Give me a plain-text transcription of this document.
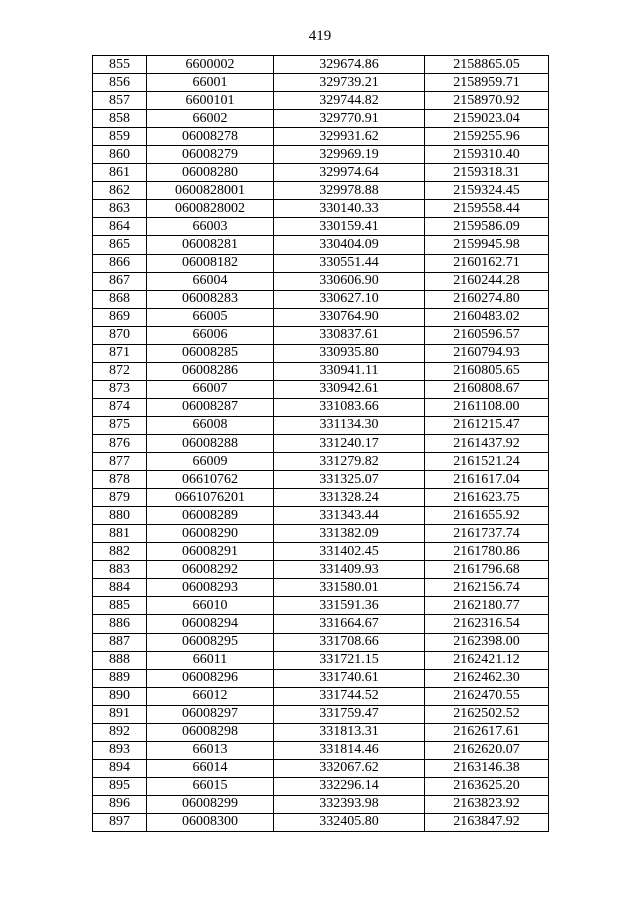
419
855	6600002	329674.86	2158865.05
856	66001	329739.21	2158959.71
857	6600101	329744.82	2158970.92
858	66002	329770.91	2159023.04
859	06008278	329931.62	2159255.96
860	06008279	329969.19	2159310.40
861	06008280	329974.64	2159318.31
862	0600828001	329978.88	2159324.45
863	0600828002	330140.33	2159558.44
864	66003	330159.41	2159586.09
865	06008281	330404.09	2159945.98
866	06008182	330551.44	2160162.71
867	66004	330606.90	2160244.28
868	06008283	330627.10	2160274.80
869	66005	330764.90	2160483.02
870	66006	330837.61	2160596.57
871	06008285	330935.80	2160794.93
872	06008286	330941.11	2160805.65
873	66007	330942.61	2160808.67
874	06008287	331083.66	2161108.00
875	66008	331134.30	2161215.47
876	06008288	331240.17	2161437.92
877	66009	331279.82	2161521.24
878	06610762	331325.07	2161617.04
879	0661076201	331328.24	2161623.75
880	06008289	331343.44	2161655.92
881	06008290	331382.09	2161737.74
882	06008291	331402.45	2161780.86
883	06008292	331409.93	2161796.68
884	06008293	331580.01	2162156.74
885	66010	331591.36	2162180.77
886	06008294	331664.67	2162316.54
887	06008295	331708.66	2162398.00
888	66011	331721.15	2162421.12
889	06008296	331740.61	2162462.30
890	66012	331744.52	2162470.55
891	06008297	331759.47	2162502.52
892	06008298	331813.31	2162617.61
893	66013	331814.46	2162620.07
894	66014	332067.62	2163146.38
895	66015	332296.14	2163625.20
896	06008299	332393.98	2163823.92
897	06008300	332405.80	2163847.92
